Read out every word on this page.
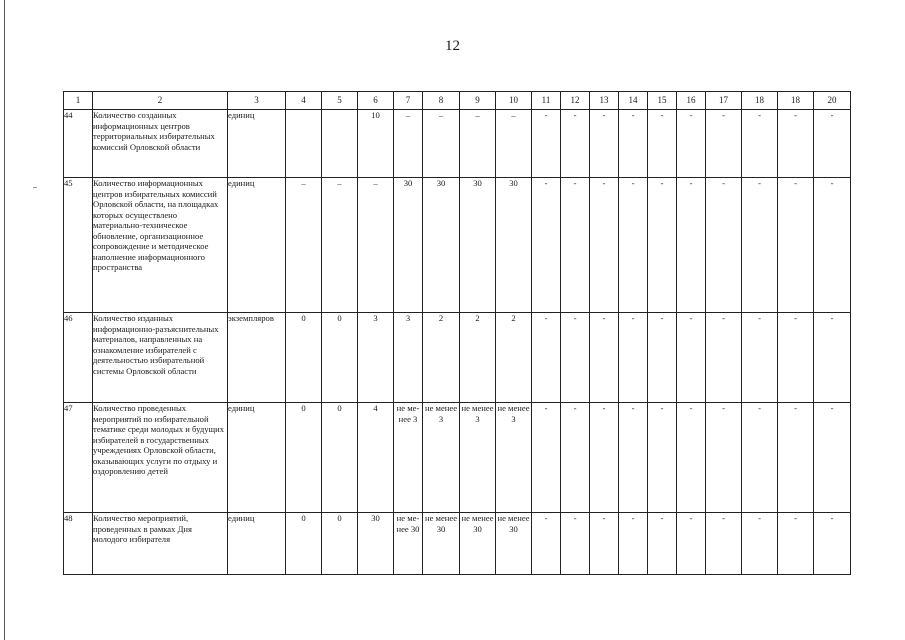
12
1	2	3	4	5	6	7	8	9	10	11	12	13	14	15	16	17	18	18	20
44	Количество созданных информационных центров территориальных избирательных комиссий Орловской области	единиц			10	–	–	–	–	-	-	-	-	-	-	-	-	-	-
45	Количество информационных центров избирательных комиссий Орловской области, на площадках которых осуществлено материально-техническое обновление, организационное сопровождение и методическое наполнение информационного пространства	единиц	–	–	–	30	30	30	30	-	-	-	-	-	-	-	-	-	-
46	Количество изданных информационно-разъяснительных материалов, направленных на ознакомление избирателей с деятельностью избирательной системы Орловской области	экземпляров	0	0	3	3	2	2	2	-	-	-	-	-	-	-	-	-	-
47	Количество проведенных мероприятий по избирательной тематике среди молодых и будущих избирателей в государственных учреждениях Орловской области, оказывающих услуги по отдыху и оздоровлению детей	единиц	0	0	4	не ме-нее 3	не менее 3	не менее 3	не менее 3	-	-	-	-	-	-	-	-	-	-
48	Количество мероприятий, проведенных в рамках Дня молодого избирателя	единиц	0	0	30	не ме-нее 30	не менее 30	не менее 30	не менее 30	-	-	-	-	-	-	-	-	-	-
